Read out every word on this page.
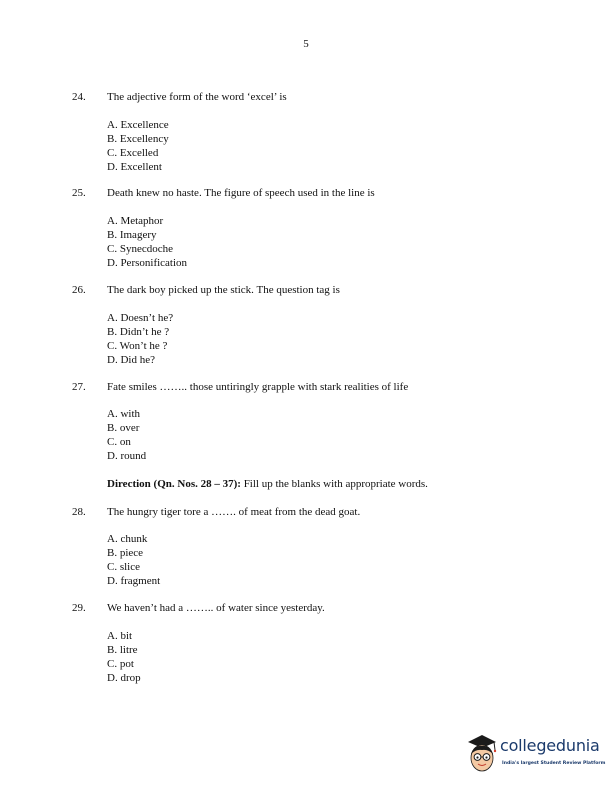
5
24. The adjective form of the word ‘excel’ is
A. Excellence
B. Excellency
C. Excelled
D. Excellent
25. Death knew no haste. The figure of speech used in the line is
A. Metaphor
B. Imagery
C. Synecdoche
D. Personification
26. The dark boy picked up the stick. The question tag is
A. Doesn’t he?
B. Didn’t he ?
C. Won’t he ?
D. Did he?
27. Fate smiles …….. those untiringly grapple with stark realities of life
A. with
B. over
C. on
D. round
Direction (Qn. Nos. 28 – 37): Fill up the blanks with appropriate words.
28. The hungry tiger tore a ……. of meat from the dead goat.
A. chunk
B. piece
C. slice
D. fragment
29. We haven’t had a …….. of water since yesterday.
A. bit
B. litre
C. pot
D. drop
collegedunia
India's largest Student Review Platform
